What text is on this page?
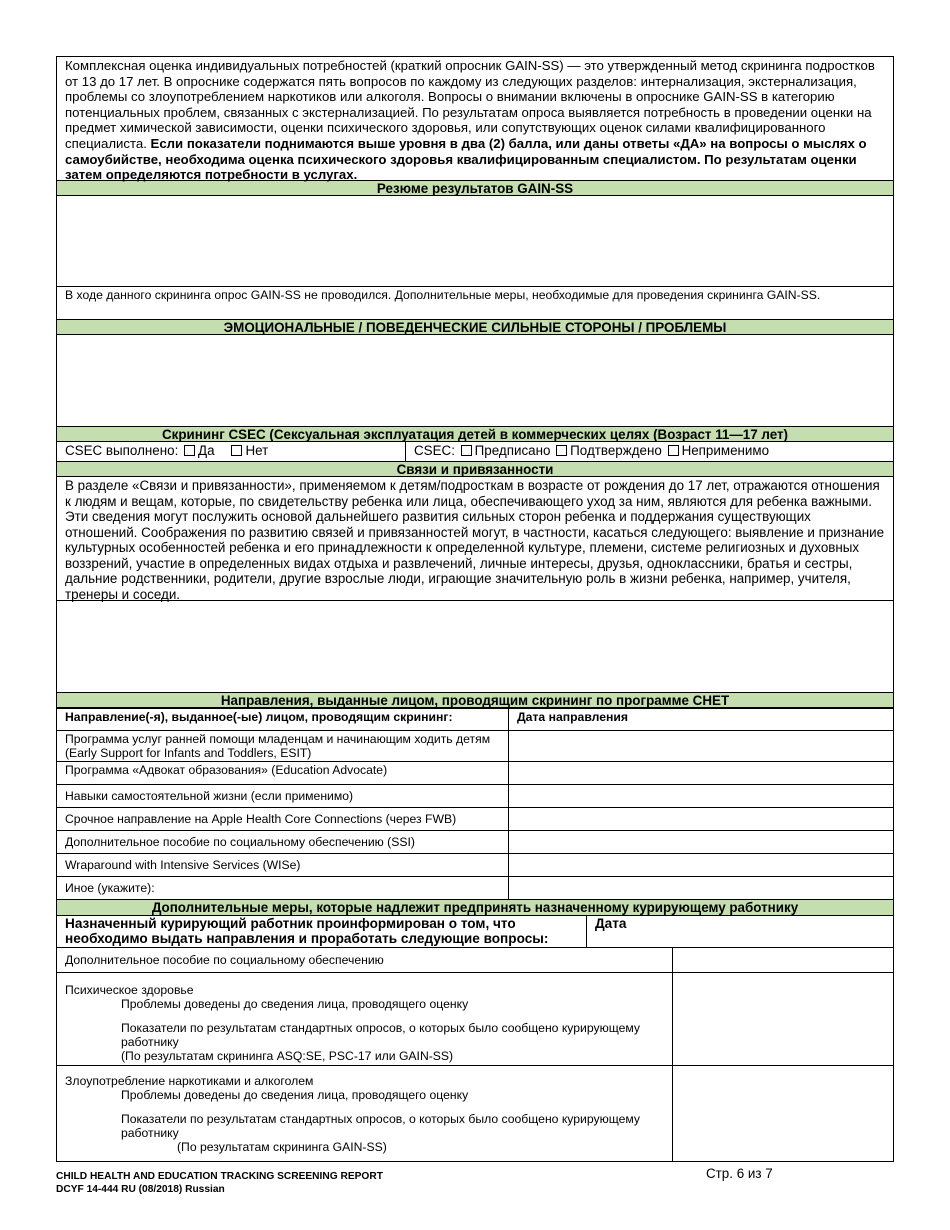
Комплексная оценка индивидуальных потребностей (краткий опросник GAIN-SS) — это утвержденный метод скрининга подростков от 13 до 17 лет. В опроснике содержатся пять вопросов по каждому из следующих разделов: интернализация, экстернализация, проблемы со злоупотреблением наркотиков или алкоголя. Вопросы о внимании включены в опроснике GAIN-SS в категорию потенциальных проблем, связанных с экстернализацией. По результатам опроса выявляется потребность в проведении оценки на предмет химической зависимости, оценки психического здоровья, или сопутствующих оценок силами квалифицированного специалиста. Если показатели поднимаются выше уровня в два (2) балла, или даны ответы «ДА» на вопросы о мыслях о самоубийстве, необходима оценка психического здоровья квалифицированным специалистом. По результатам оценки затем определяются потребности в услугах.
Резюме результатов GAIN-SS
В ходе данного скрининга опрос GAIN-SS не проводился. Дополнительные меры, необходимые для проведения скрининга GAIN-SS.
ЭМОЦИОНАЛЬНЫЕ / ПОВЕДЕНЧЕСКИЕ СИЛЬНЫЕ СТОРОНЫ / ПРОБЛЕМЫ
Скрининг CSEC (Сексуальная эксплуатация детей в коммерческих целях (Возраст 11—17 лет)
CSEC выполнено: Да Нет	CSEC: Предписано Подтверждено Неприменимо
Связи и привязанности
В разделе «Связи и привязанности», применяемом к детям/подросткам в возрасте от рождения до 17 лет, отражаются отношения к людям и вещам, которые, по свидетельству ребенка или лица, обеспечивающего уход за ним, являются для ребенка важными. Эти сведения могут послужить основой дальнейшего развития сильных сторон ребенка и поддержания существующих отношений. Соображения по развитию связей и привязанностей могут, в частности, касаться следующего: выявление и признание культурных особенностей ребенка и его принадлежности к определенной культуре, племени, системе религиозных и духовных воззрений, участие в определенных видах отдыха и развлечений, личные интересы, друзья, одноклассники, братья и сестры, дальние родственники, родители, другие взрослые люди, играющие значительную роль в жизни ребенка, например, учителя, тренеры и соседи.
Направления, выданные лицом, проводящим скрининг по программе CHET
Направление(-я), выданное(-ые) лицом, проводящим скрининг:	Дата направления
Программа услуг ранней помощи младенцам и начинающим ходить детям (Early Support for Infants and Toddlers, ESIT)	
Программа «Адвокат образования» (Education Advocate)	
Навыки самостоятельной жизни (если применимо)	
Срочное направление на Apple Health Core Connections (через FWB)	
Дополнительное пособие по социальному обеспечению (SSI)	
Wraparound with Intensive Services (WISe)	
Иное (укажите):	
Дополнительные меры, которые надлежит предпринять назначенному курирующему работнику
Назначенный курирующий работник проинформирован о том, что необходимо выдать направления и проработать следующие вопросы:
Дата
Дополнительное пособие по социальному обеспечению	

Психическое здоровье
Проблемы доведены до сведения лица, проводящего оценку
Показатели по результатам стандартных опросов, о которых было сообщено курирующему работнику
(По результатам скрининга ASQ:SE, PSC-17 или GAIN-SS)	

Злоупотребление наркотиками и алкоголем
Проблемы доведены до сведения лица, проводящего оценку
Показатели по результатам стандартных опросов, о которых было сообщено курирующему работнику
(По результатам скрининга GAIN-SS)	

CHILD HEALTH AND EDUCATION TRACKING SCREENING REPORT
DCYF 14-444 RU (08/2018) Russian
Стр. 6 из 7
